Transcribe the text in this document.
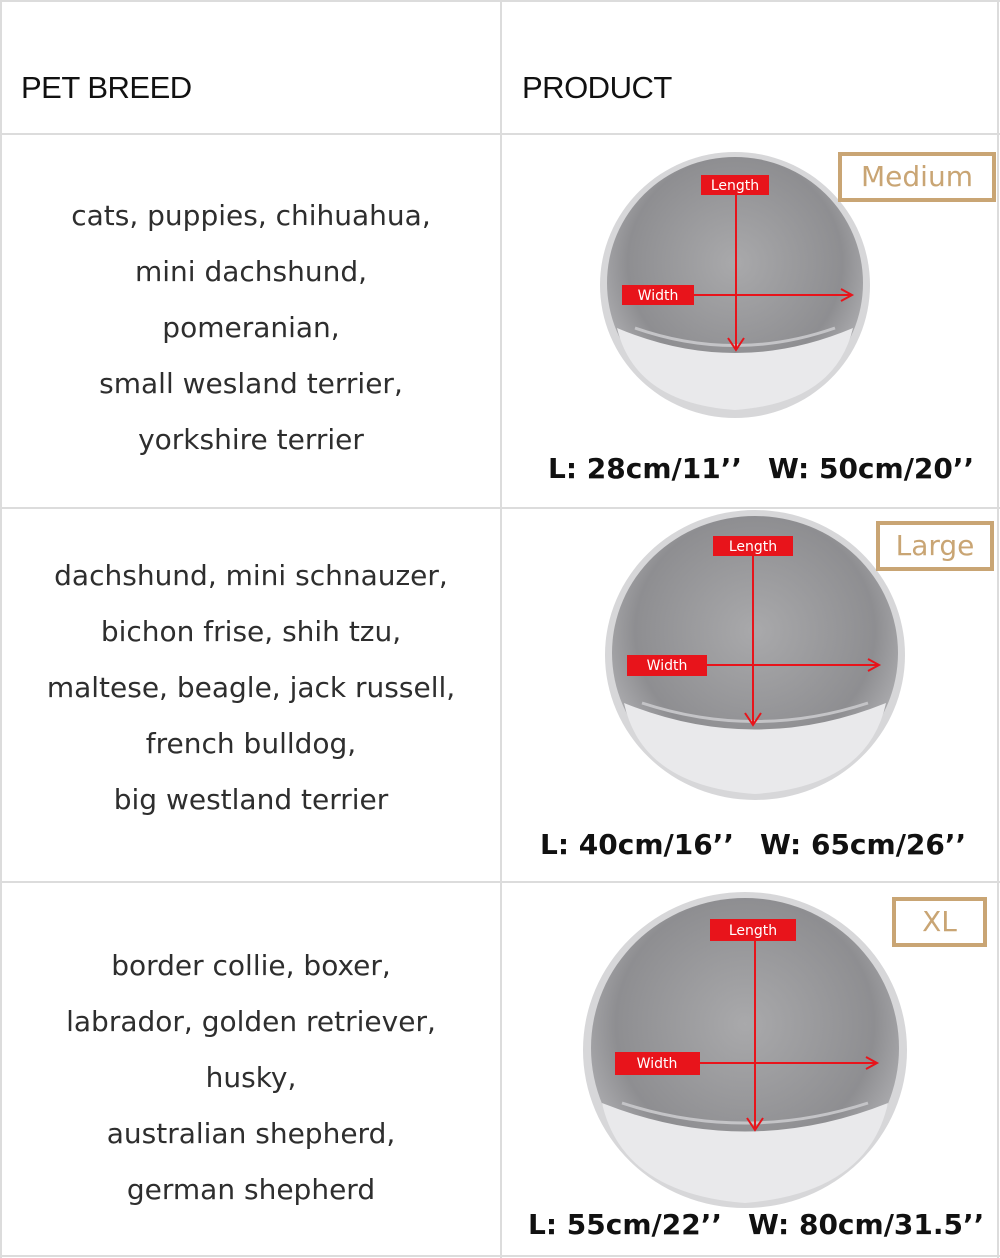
PET BREED	PRODUCT
cats, puppies, chihuahua,
mini dachshund,
pomeranian,
small wesland terrier,
yorkshire terrier
Length
Width
Medium
L: 28cm/11’’ W: 50cm/20’’
dachshund, mini schnauzer,
bichon frise, shih tzu,
maltese, beagle, jack russell,
french bulldog,
big westland terrier
Length
Width
Large
L: 40cm/16’’ W: 65cm/26’’
border collie, boxer,
labrador, golden retriever,
husky,
australian shepherd,
german shepherd
Length
Width
XL
L: 55cm/22’’ W: 80cm/31.5’’
